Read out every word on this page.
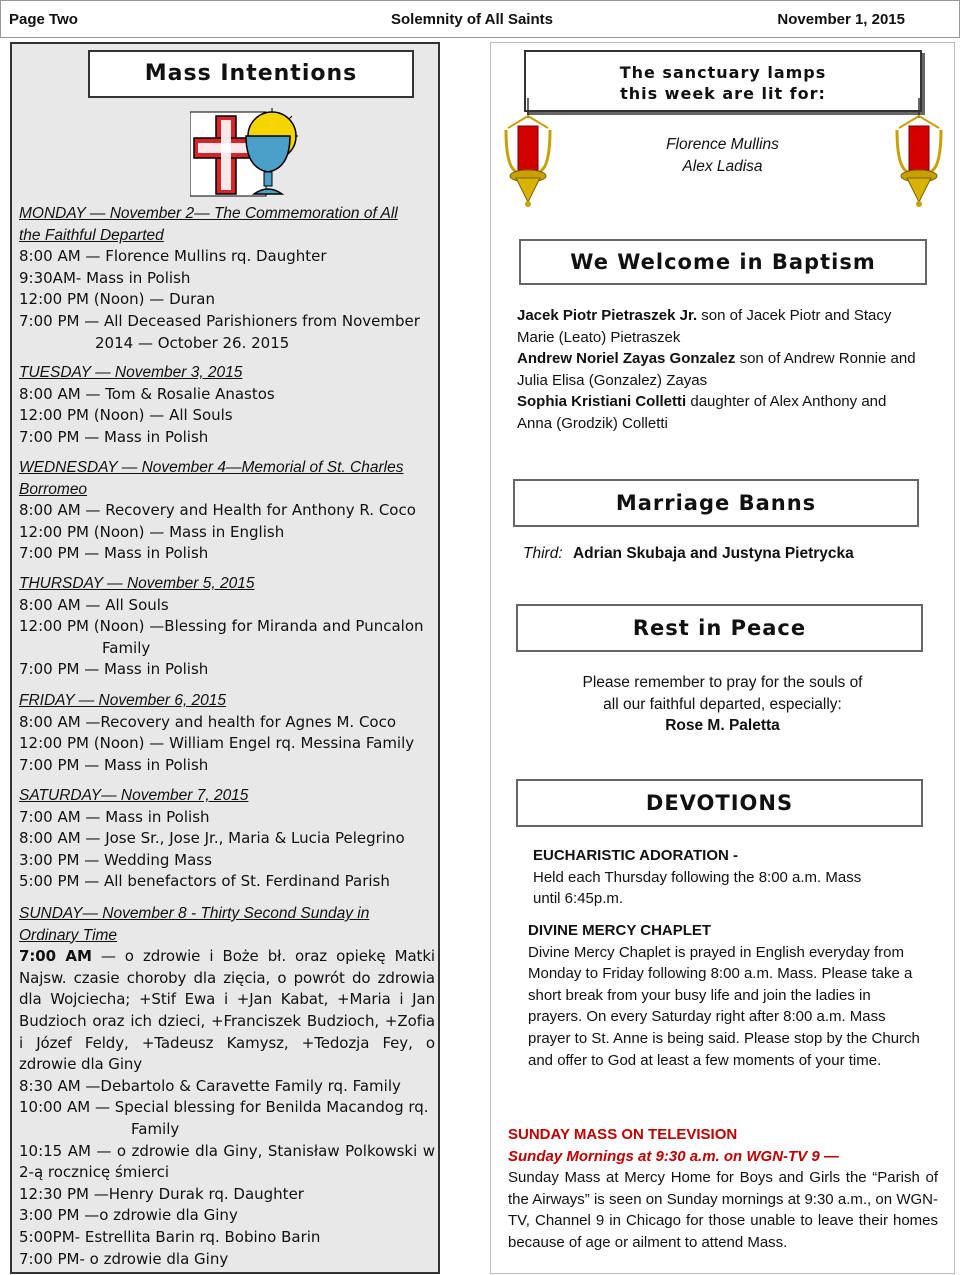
Page Two	Solemnity of All Saints	November 1, 2015
Mass Intentions
MONDAY — November 2— The Commemoration of All
the Faithful Departed
8:00 AM — Florence Mullins rq. Daughter
9:30AM- Mass in Polish
12:00 PM (Noon) — Duran
7:00 PM — All Deceased Parishioners from November
2014 — October 26. 2015
TUESDAY — November 3, 2015
8:00 AM — Tom & Rosalie Anastos
12:00 PM (Noon) — All Souls
7:00 PM — Mass in Polish
WEDNESDAY — November 4—Memorial of St. Charles
Borromeo
8:00 AM — Recovery and Health for Anthony R. Coco
12:00 PM (Noon) — Mass in English
7:00 PM — Mass in Polish
THURSDAY — November 5, 2015
8:00 AM — All Souls
12:00 PM (Noon) —Blessing for Miranda and Puncalon
Family
7:00 PM — Mass in Polish
FRIDAY — November 6, 2015
8:00 AM —Recovery and health for Agnes M. Coco
12:00 PM (Noon) — William Engel rq. Messina Family
7:00 PM — Mass in Polish
SATURDAY— November 7, 2015
7:00 AM — Mass in Polish
8:00 AM — Jose Sr., Jose Jr., Maria & Lucia Pelegrino
3:00 PM — Wedding Mass
5:00 PM — All benefactors of St. Ferdinand Parish
SUNDAY— November 8 - Thirty Second Sunday in
Ordinary Time
7:00 AM — o zdrowie i Boże bł. oraz opiekę Matki Najsw. czasie choroby dla zięcia, o powrót do zdrowia dla Wojciecha; +Stif Ewa i +Jan Kabat, +Maria i Jan Budzioch oraz ich dzieci, +Franciszek Budzioch, +Zofia i Józef Feldy, +Tadeusz Kamysz, +Tedozja Fey, o zdrowie dla Giny
8:30 AM —Debartolo & Caravette Family rq. Family
10:00 AM — Special blessing for Benilda Macandog rq.
Family
10:15 AM — o zdrowie dla Giny, Stanisław Polkowski w 2-ą rocznicę śmierci
12:30 PM —Henry Durak rq. Daughter
3:00 PM —o zdrowie dla Giny
5:00PM- Estrellita Barin rq. Bobino Barin
7:00 PM- o zdrowie dla Giny
The sanctuary lamps
this week are lit for:
Florence Mullins
Alex Ladisa
We Welcome in Baptism
Jacek Piotr Pietraszek Jr. son of Jacek Piotr and Stacy Marie (Leato) Pietraszek
Andrew Noriel Zayas Gonzalez son of Andrew Ronnie and Julia Elisa (Gonzalez) Zayas
Sophia Kristiani Colletti daughter of Alex Anthony and Anna (Grodzik) Colletti
Marriage Banns
Third: Adrian Skubaja and Justyna Pietrycka
Rest in Peace
Please remember to pray for the souls of
all our faithful departed, especially:
Rose M. Paletta
DEVOTIONS
EUCHARISTIC ADORATION -
Held each Thursday following the 8:00 a.m. Mass
until 6:45p.m.
DIVINE MERCY CHAPLET
Divine Mercy Chaplet is prayed in English everyday from Monday to Friday following 8:00 a.m. Mass. Please take a short break from your busy life and join the ladies in prayers. On every Saturday right after 8:00 a.m. Mass prayer to St. Anne is being said. Please stop by the Church and offer to God at least a few moments of your time.
SUNDAY MASS ON TELEVISION
Sunday Mornings at 9:30 a.m. on WGN-TV 9 —
Sunday Mass at Mercy Home for Boys and Girls the “Parish of the Airways” is seen on Sunday mornings at 9:30 a.m., on WGN-TV, Channel 9 in Chicago for those unable to leave their homes because of age or ailment to attend Mass.
